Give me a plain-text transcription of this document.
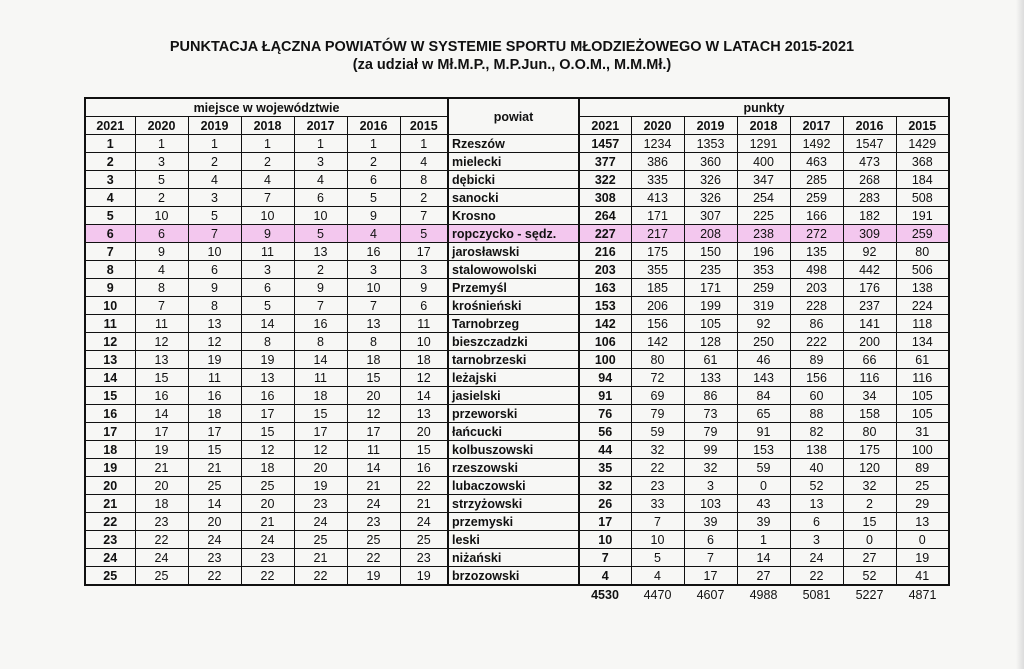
PUNKTACJA ŁĄCZNA POWIATÓW W SYSTEMIE SPORTU MŁODZIEŻOWEGO W LATACH 2015-2021
(za udział w Mł.M.P., M.P.Jun., O.O.M., M.M.Mł.)
miejsce w województwie							powiat	punkty						
2021	2020	2019	2018	2017	2016	2015		2021	2020	2019	2018	2017	2016	2015
1	1	1	1	1	1	1	Rzeszów	1457	1234	1353	1291	1492	1547	1429
2	3	2	2	3	2	4	mielecki	377	386	360	400	463	473	368
3	5	4	4	4	6	8	dębicki	322	335	326	347	285	268	184
4	2	3	7	6	5	2	sanocki	308	413	326	254	259	283	508
5	10	5	10	10	9	7	Krosno	264	171	307	225	166	182	191
6	6	7	9	5	4	5	ropczycko - sędz.	227	217	208	238	272	309	259
7	9	10	11	13	16	17	jarosławski	216	175	150	196	135	92	80
8	4	6	3	2	3	3	stalowowolski	203	355	235	353	498	442	506
9	8	9	6	9	10	9	Przemyśl	163	185	171	259	203	176	138
10	7	8	5	7	7	6	krośnieński	153	206	199	319	228	237	224
11	11	13	14	16	13	11	Tarnobrzeg	142	156	105	92	86	141	118
12	12	12	8	8	8	10	bieszczadzki	106	142	128	250	222	200	134
13	13	19	19	14	18	18	tarnobrzeski	100	80	61	46	89	66	61
14	15	11	13	11	15	12	leżajski	94	72	133	143	156	116	116
15	16	16	16	18	20	14	jasielski	91	69	86	84	60	34	105
16	14	18	17	15	12	13	przeworski	76	79	73	65	88	158	105
17	17	17	15	17	17	20	łańcucki	56	59	79	91	82	80	31
18	19	15	12	12	11	15	kolbuszowski	44	32	99	153	138	175	100
19	21	21	18	20	14	16	rzeszowski	35	22	32	59	40	120	89
20	20	25	25	19	21	22	lubaczowski	32	23	3	0	52	32	25
21	18	14	20	23	24	21	strzyżowski	26	33	103	43	13	2	29
22	23	20	21	24	23	24	przemyski	17	7	39	39	6	15	13
23	22	24	24	25	25	25	leski	10	10	6	1	3	0	0
24	24	23	23	21	22	23	niżański	7	5	7	14	24	27	19
25	25	22	22	22	19	19	brzozowski	4	4	17	27	22	52	41
								4530	4470	4607	4988	5081	5227	4871
